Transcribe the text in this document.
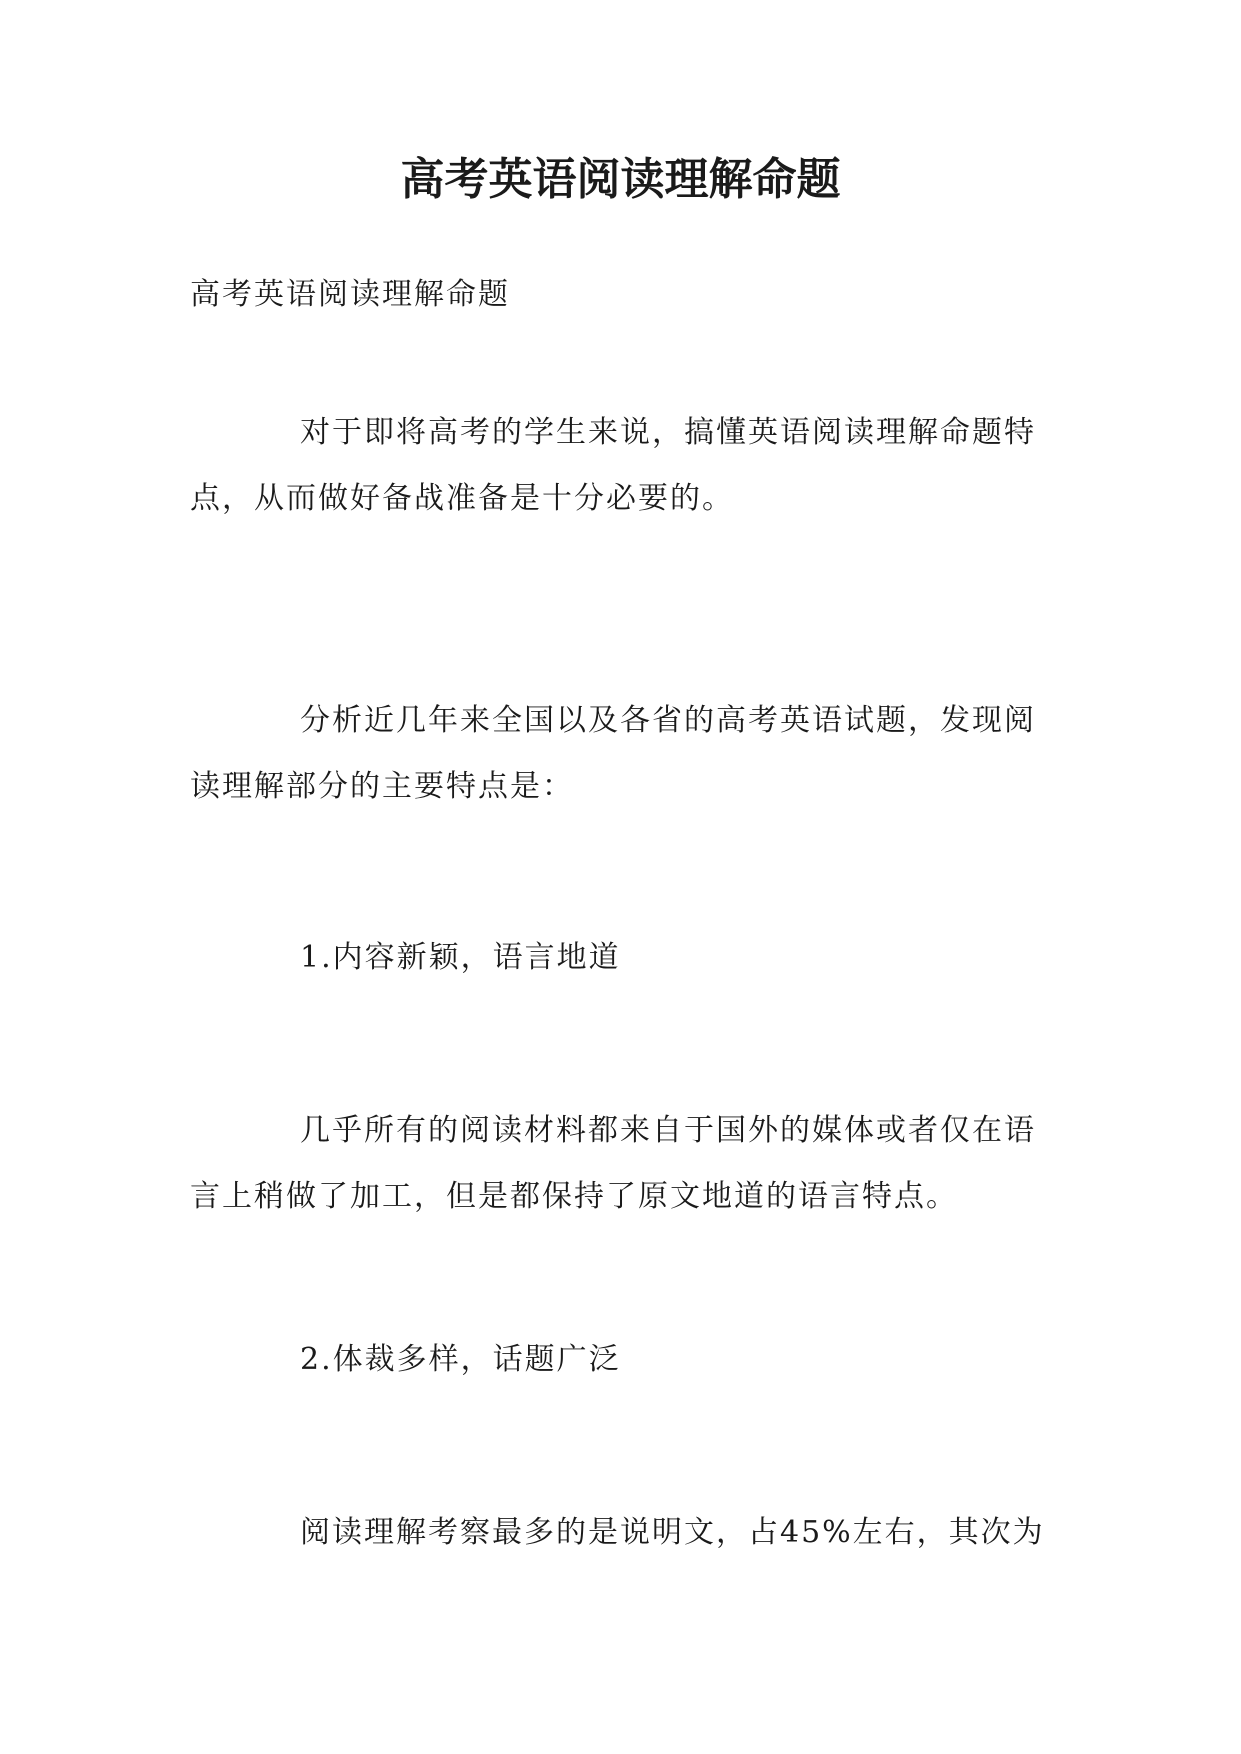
高考英语阅读理解命题
高考英语阅读理解命题
对于即将高考的学生来说，搞懂英语阅读理解命题特点，从而做好备战准备是十分必要的。
分析近几年来全国以及各省的高考英语试题，发现阅读理解部分的主要特点是：
1.内容新颖，语言地道
几乎所有的阅读材料都来自于国外的媒体或者仅在语言上稍做了加工，但是都保持了原文地道的语言特点。
2.体裁多样，话题广泛
阅读理解考察最多的是说明文，占45%左右，其次为
